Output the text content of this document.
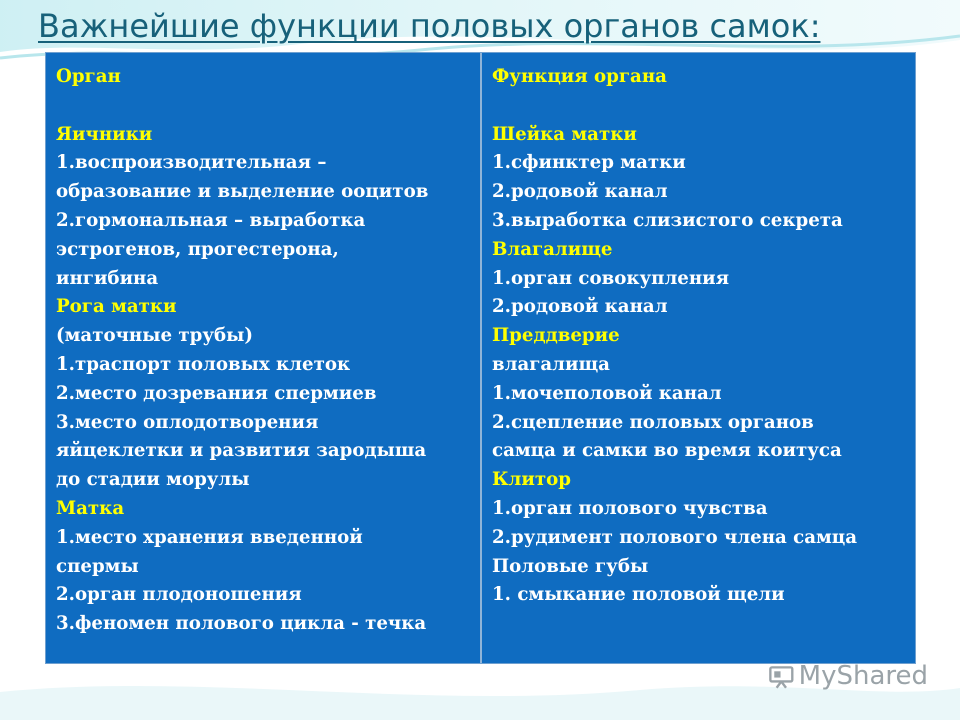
Важнейшие функции половых органов самок:
Орган
Яичники
1.воспроизводительная –
образование и выделение ооцитов
2.гормональная – выработка
эстрогенов, прогестерона,
ингибина
Рога матки
(маточные трубы)
1.траспорт половых клеток
2.место дозревания спермиев
3.место оплодотворения
яйцеклетки и развития зародыша
до стадии морулы
Матка
1.место хранения введенной
спермы
2.орган плодоношения
3.феномен полового цикла - течка
Функция органа
Шейка матки
1.сфинктер матки
2.родовой канал
3.выработка слизистого секрета
Влагалище
1.орган совокупления
2.родовой канал
Преддверие
влагалища
1.мочеполовой канал
2.сцепление половых органов
самца и самки во время коитуса
Клитор
1.орган полового чувства
2.рудимент полового члена самца
Половые губы
1. смыкание половой щели
MyShared
